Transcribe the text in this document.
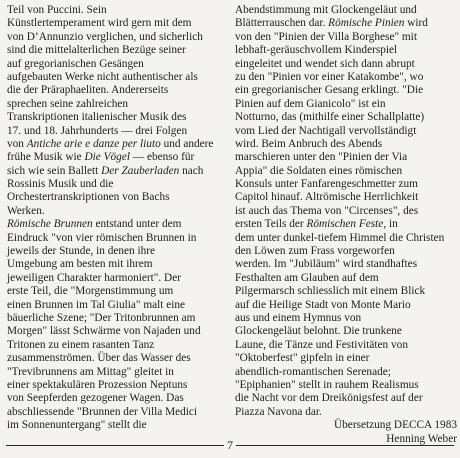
Teil von Puccini. Sein
Künstlertemperament wird gern mit dem
von D’Annunzio verglichen, und sicherlich
sind die mittelalterlichen Bezüge seiner
auf gregorianischen Gesängen
aufgebauten Werke nicht authentischer als
die der Präraphaeliten. Andererseits
sprechen seine zahlreichen
Transkriptionen italienischer Musik des
17. und 18. Jahrhunderts — drei Folgen
von Antiche arie e danze per liuto und andere
frühe Musik wie Die Vögel — ebenso für
sich wie sein Ballett Der Zauberladen nach
Rossinis Musik und die
Orchestertranskriptionen von Bachs
Werken.
Römische Brunnen entstand unter dem
Eindruck "von vier römischen Brunnen in
jeweils der Stunde, in denen ihre
Umgebung am besten mit ihrem
jeweiligen Charakter harmoniert". Der
erste Teil, die "Morgenstimmung um
einen Brunnen im Tal Giulia" malt eine
bäuerliche Szene; "Der Tritonbrunnen am
Morgen" lässt Schwärme von Najaden und
Tritonen zu einem rasanten Tanz
zusammenströmen. Über das Wasser des
"Trevibrunnens am Mittag" gleitet in
einer spektakulären Prozession Neptuns
von Seepferden gezogener Wagen. Das
abschliessende "Brunnen der Villa Medici
im Sonnenuntergang" stellt die
Abendstimmung mit Glockengeläut und
Blätterrauschen dar. Römische Pinien wird
von den "Pinien der Villa Borghese" mit
lebhaft-geräuschvollem Kinderspiel
eingeleitet und wendet sich dann abrupt
zu den "Pinien vor einer Katakombe", wo
ein gregorianischer Gesang erklingt. "Die
Pinien auf dem Gianicolo" ist ein
Notturno, das (mithilfe einer Schallplatte)
vom Lied der Nachtigall vervollständigt
wird. Beim Anbruch des Abends
marschieren unter den "Pinien der Via
Appia" die Soldaten eines römischen
Konsuls unter Fanfarengeschmetter zum
Capitol hinauf. Altrömische Herrlichkeit
ist auch das Thema von "Circenses", des
ersten Teils der Römischen Feste, in
dem unter dunkel-tiefem Himmel die Christen
den Löwen zum Frass vorgeworfen
werden. Im "Jubiläum" wird standhaftes
Festhalten am Glauben auf dem
Pilgermarsch schliesslich mit einem Blick
auf die Heilige Stadt von Monte Mario
aus und einem Hymnus von
Glockengeläut belohnt. Die trunkene
Laune, die Tänze und Festivitäten von
"Oktoberfest" gipfeln in einer
abendlich-romantischen Serenade;
"Epiphanien" stellt in rauhem Realismus
die Nacht vor dem Dreikönigsfest auf der
Piazza Navona dar.
Übersetzung DECCA 1983
Henning Weber
7
